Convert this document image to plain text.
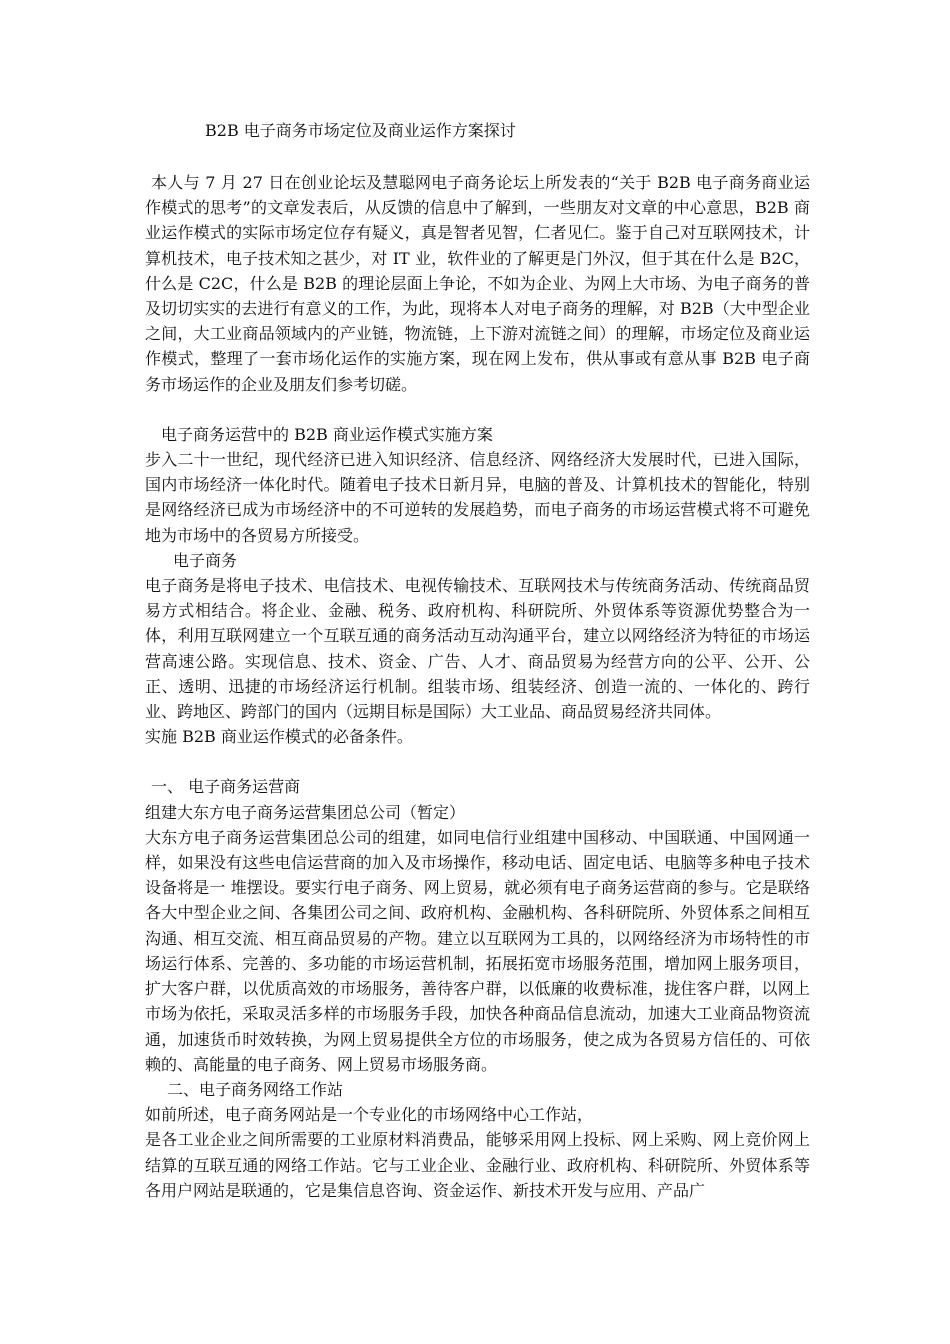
B2B 电子商务市场定位及商业运作方案探讨

本人与 7 月 27 日在创业论坛及慧聪网电子商务论坛上所发表的“关于 B2B 电子商务商业运作模式的思考”的文章发表后，从反馈的信息中了解到，一些朋友对文章的中心意思，B2B 商业运作模式的实际市场定位存有疑义，真是智者见智，仁者见仁。鉴于自己对互联网技术，计算机技术，电子技术知之甚少，对 IT 业，软件业的了解更是门外汉，但于其在什么是 B2C，什么是 C2C，什么是 B2B 的理论层面上争论，不如为企业、为网上大市场、为电子商务的普及切切实实的去进行有意义的工作，为此，现将本人对电子商务的理解，对 B2B（大中型企业之间，大工业商品领域内的产业链，物流链，上下游对流链之间）的理解，市场定位及商业运作模式，整理了一套市场化运作的实施方案，现在网上发布，供从事或有意从事 B2B 电子商务市场运作的企业及朋友们参考切磋。

电子商务运营中的 B2B 商业运作模式实施方案

步入二十一世纪，现代经济已进入知识经济、信息经济、网络经济大发展时代，已进入国际，国内市场经济一体化时代。随着电子技术日新月异，电脑的普及、计算机技术的智能化，特别是网络经济已成为市场经济中的不可逆转的发展趋势，而电子商务的市场运营模式将不可避免地为市场中的各贸易方所接受。

电子商务

电子商务是将电子技术、电信技术、电视传输技术、互联网技术与传统商务活动、传统商品贸易方式相结合。将企业、金融、税务、政府机构、科研院所、外贸体系等资源优势整合为一体，利用互联网建立一个互联互通的商务活动互动沟通平台，建立以网络经济为特征的市场运营高速公路。实现信息、技术、资金、广告、人才、商品贸易为经营方向的公平、公开、公正、透明、迅捷的市场经济运行机制。组装市场、组装经济、创造一流的、一体化的、跨行业、跨地区、跨部门的国内（远期目标是国际）大工业品、商品贸易经济共同体。

实施 B2B 商业运作模式的必备条件。

一、 电子商务运营商

组建大东方电子商务运营集团总公司（暂定）

大东方电子商务运营集团总公司的组建，如同电信行业组建中国移动、中国联通、中国网通一样，如果没有这些电信运营商的加入及市场操作，移动电话、固定电话、电脑等多种电子技术设备将是一 堆摆设。要实行电子商务、网上贸易，就必须有电子商务运营商的参与。它是联络各大中型企业之间、各集团公司之间、政府机构、金融机构、各科研院所、外贸体系之间相互沟通、相互交流、相互商品贸易的产物。建立以互联网为工具的，以网络经济为市场特性的市场运行体系、完善的、多功能的市场运营机制，拓展拓宽市场服务范围，增加网上服务项目，扩大客户群，以优质高效的市场服务，善待客户群，以低廉的收费标准，拢住客户群，以网上市场为依托，采取灵活多样的市场服务手段，加快各种商品信息流动，加速大工业商品物资流通，加速货币时效转换，为网上贸易提供全方位的市场服务，使之成为各贸易方信任的、可依赖的、高能量的电子商务、网上贸易市场服务商。

二、电子商务网络工作站

如前所述，电子商务网站是一个专业化的市场网络中心工作站，

是各工业企业之间所需要的工业原材料消费品，能够采用网上投标、网上采购、网上竞价网上结算的互联互通的网络工作站。它与工业企业、金融行业、政府机构、科研院所、外贸体系等各用户网站是联通的，它是集信息咨询、资金运作、新技术开发与应用、产品广
